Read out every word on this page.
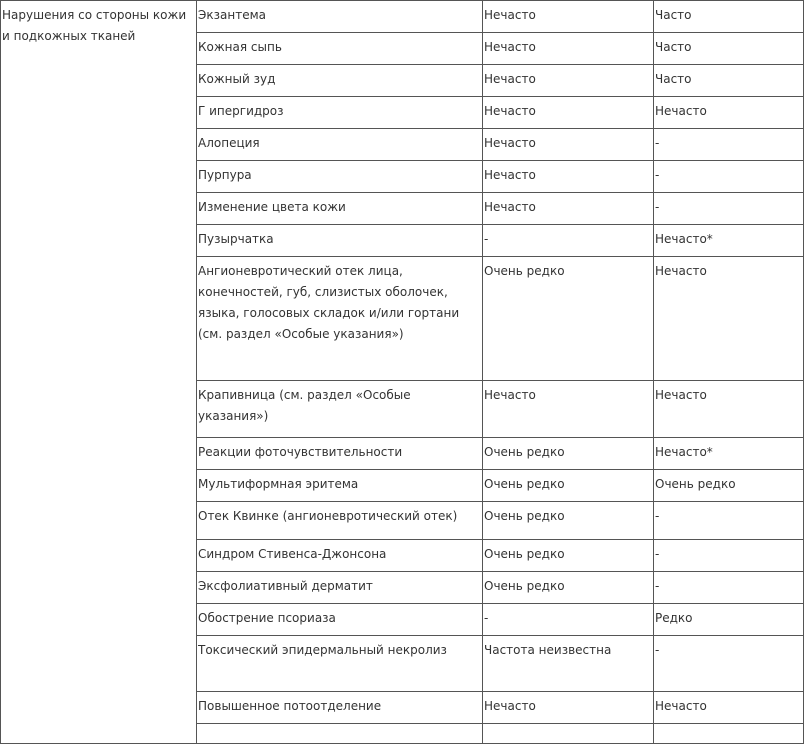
Нарушения со стороны кожи и подкожных тканей	Экзантема	Нечасто	Часто
	Кожная сыпь	Нечасто	Часто
	Кожный зуд	Нечасто	Часто
	Г ипергидроз	Нечасто	Нечасто
	Алопеция	Нечасто	-
	Пурпура	Нечасто	-
	Изменение цвета кожи	Нечасто	-
	Пузырчатка	-	Нечасто*
	Ангионевротический отек лица, конечностей, губ, слизистых оболочек, языка, голосовых складок и/или гортани (см. раздел «Особые указания»)	Очень редко	Нечасто
	Крапивница (см. раздел «Особые указания»)	Нечасто	Нечасто
	Реакции фоточувствительности	Очень редко	Нечасто*
	Мультиформная эритема	Очень редко	Очень редко
	Отек Квинке (ангионевротический отек)	Очень редко	-
	Синдром Стивенса-Джонсона	Очень редко	-
	Эксфолиативный дерматит	Очень редко	-
	Обострение псориаза	-	Редко
	Токсический эпидермальный некролиз	Частота неизвестна	-
	Повышенное потоотделение	Нечасто	Нечасто
